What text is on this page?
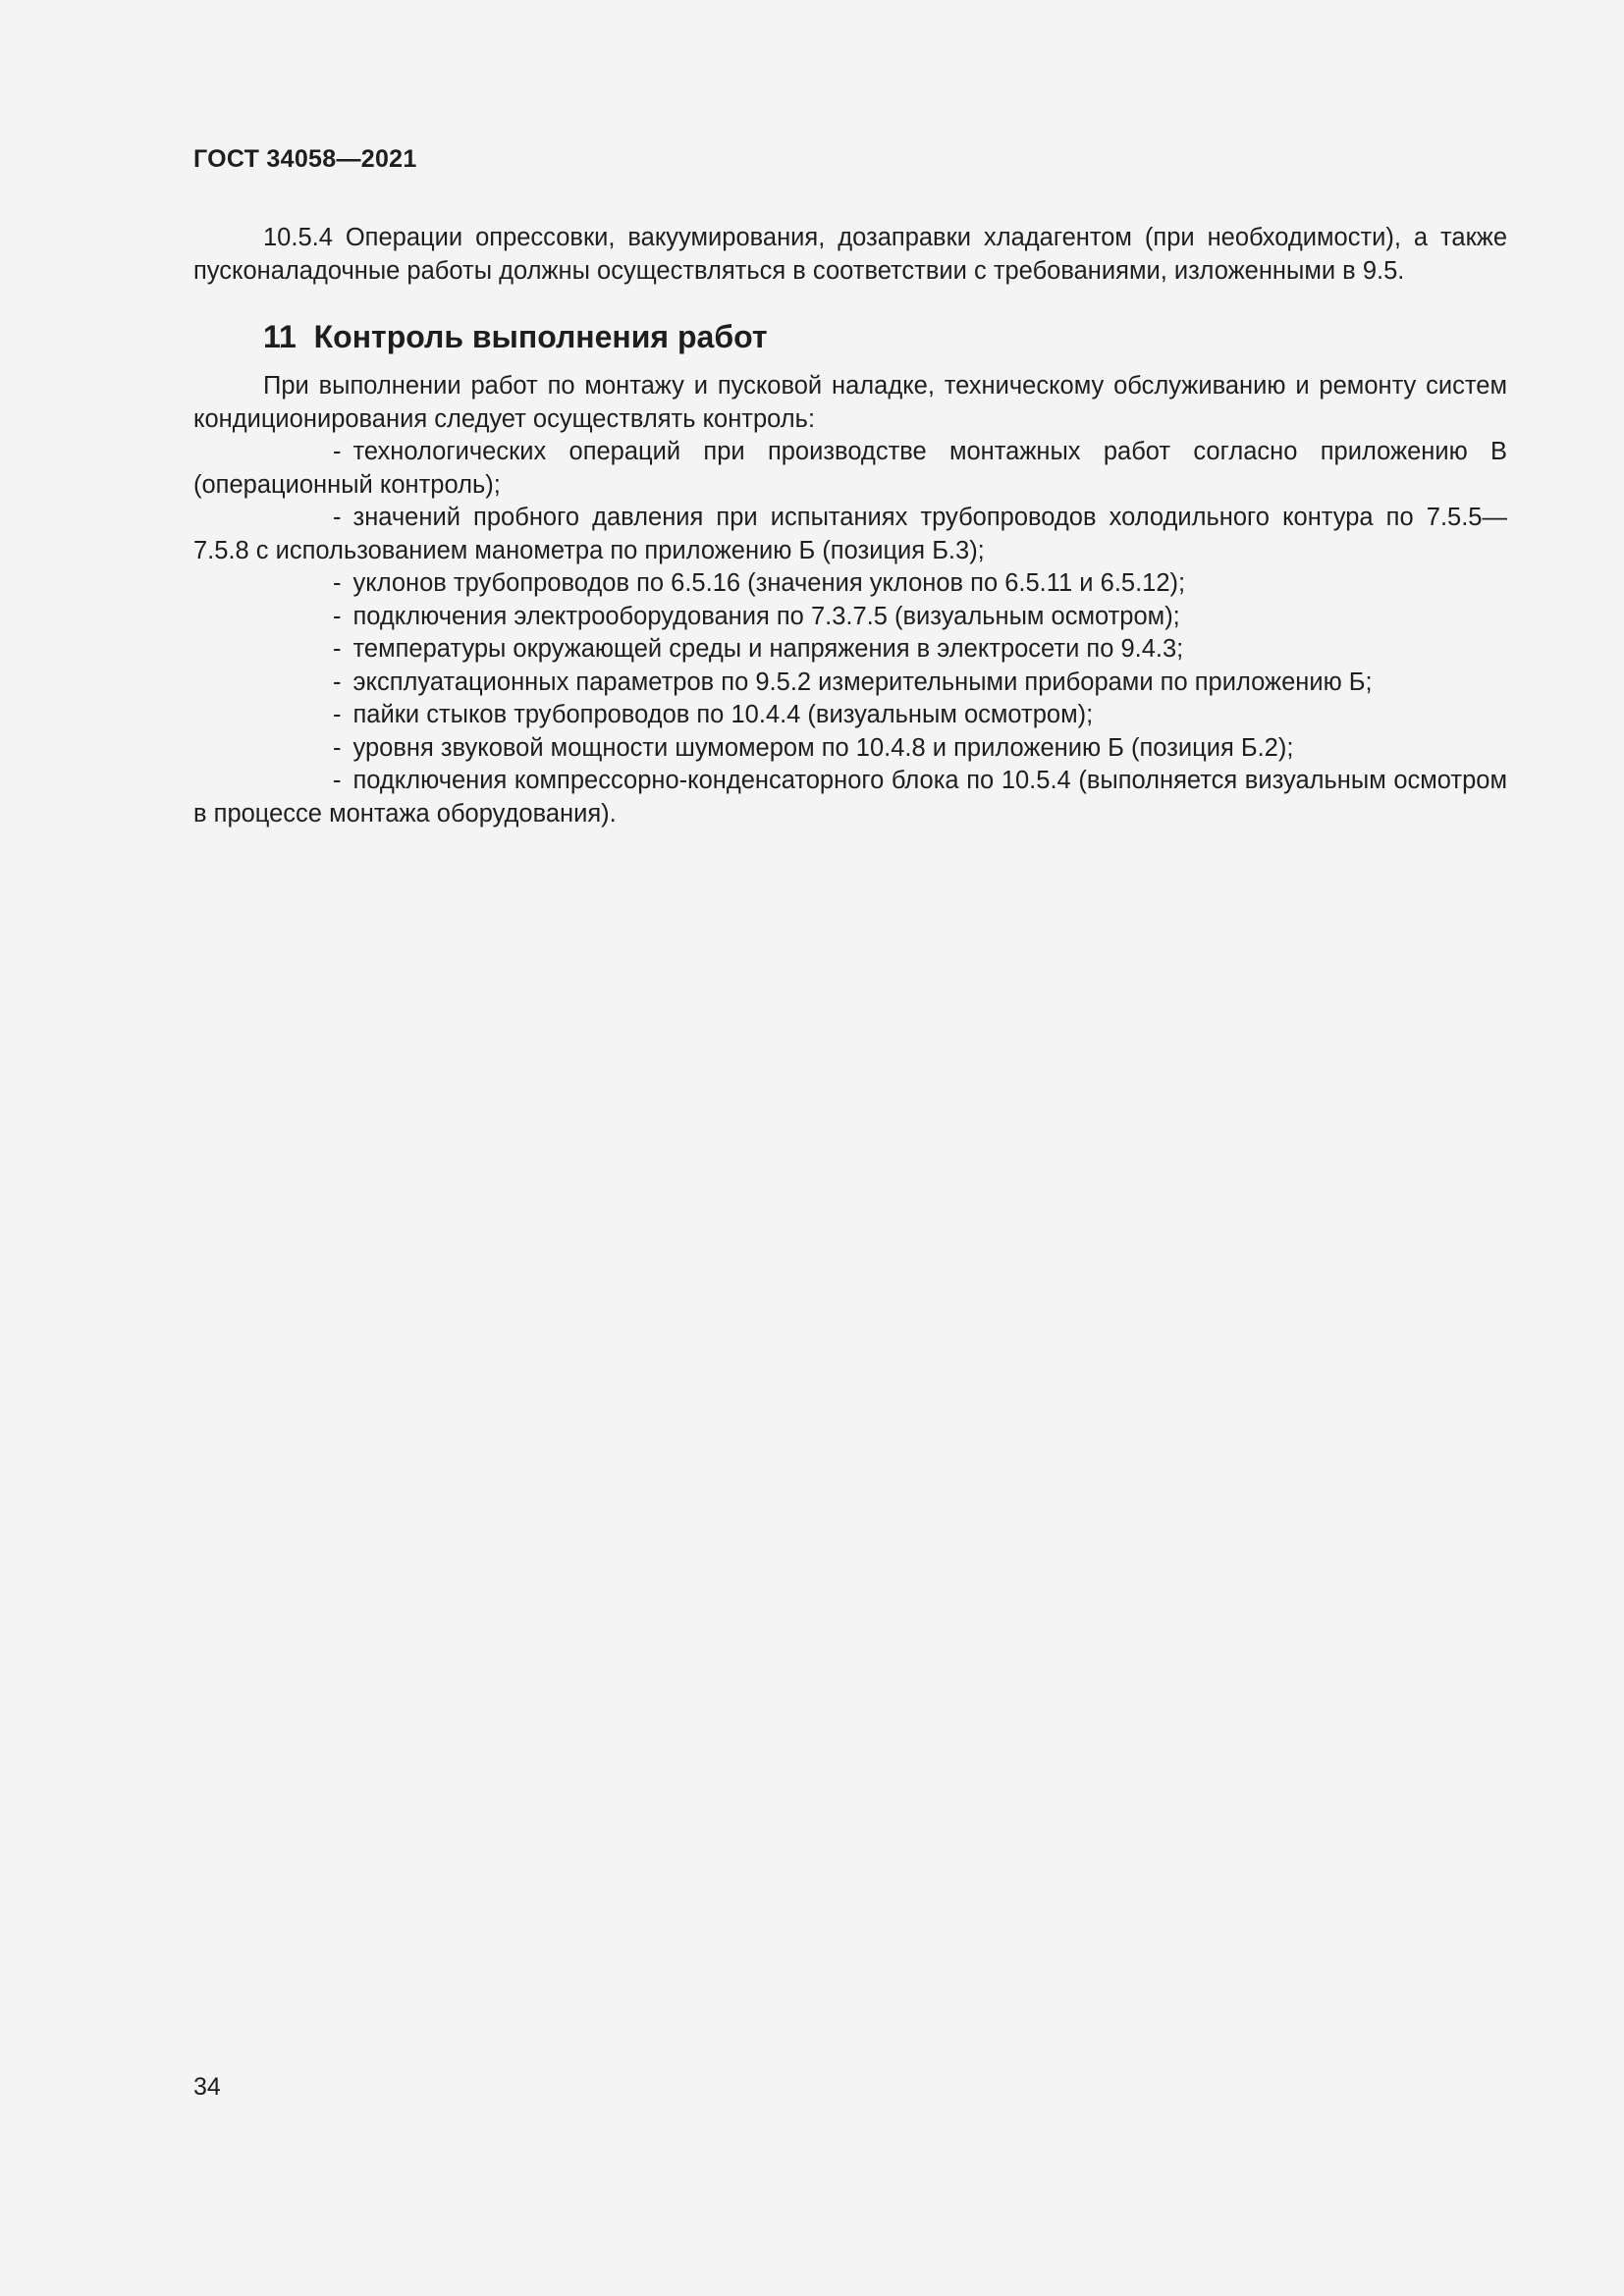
ГОСТ 34058—2021

10.5.4 Операции опрессовки, вакуумирования, дозаправки хладагентом (при необходимости), а также пусконаладочные работы должны осуществляться в соответствии с требованиями, изложенными в 9.5.

11 Контроль выполнения работ

При выполнении работ по монтажу и пусковой наладке, техническому обслуживанию и ремонту систем кондиционирования следует осуществлять контроль:

- технологических операций при производстве монтажных работ согласно приложению В (операционный контроль);
- значений пробного давления при испытаниях трубопроводов холодильного контура по 7.5.5—7.5.8 с использованием манометра по приложению Б (позиция Б.3);
- уклонов трубопроводов по 6.5.16 (значения уклонов по 6.5.11 и 6.5.12);
- подключения электрооборудования по 7.3.7.5 (визуальным осмотром);
- температуры окружающей среды и напряжения в электросети по 9.4.3;
- эксплуатационных параметров по 9.5.2 измерительными приборами по приложению Б;
- пайки стыков трубопроводов по 10.4.4 (визуальным осмотром);
- уровня звуковой мощности шумомером по 10.4.8 и приложению Б (позиция Б.2);
- подключения компрессорно-конденсаторного блока по 10.5.4 (выполняется визуальным осмотром в процессе монтажа оборудования).
34
